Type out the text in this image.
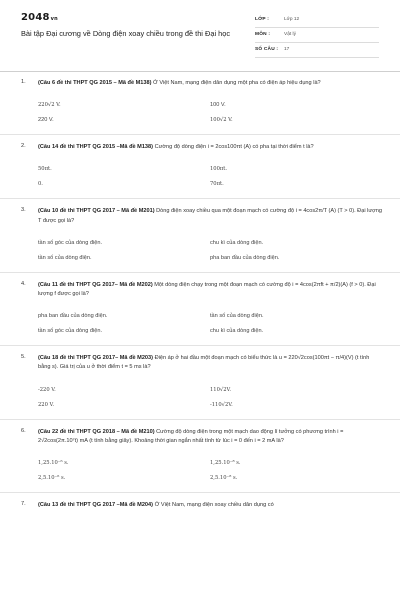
2048vn
Bài tập Đại cương về Dòng điện xoay chiều trong đề thi Đại học
LỚP :	Lớp 12
MÔN :	Vật lý
SỐ CÂU : 17
1. (Câu 6 đề thi THPT QG 2015 – Mã đề M138) Ở Việt Nam, mạng điện dân dụng một pha có điện áp hiệu dụng là?
220√2 V.	100 V.
220 V.	100√2 V.
2. (Câu 14 đề thi THPT QG 2015 –Mã đề M138) Cường độ dòng điện i = 2cos100πt (A) có pha tại thời điểm t là?
50πt.	100πt.
0.	70πt.
3. (Câu 10 đề thi THPT QG 2017 – Mã đề M201) Dòng điện xoay chiều qua một đoạn mạch có cường độ i = 4cos2π/T (A) (T > 0). Đại lượng T được gọi là?
tần số góc của dòng điện.	chu kì của dòng điện.
tần số của dòng điện.	pha ban đầu của dòng điện.
4. (Câu 11 đề thi THPT QG 2017– Mã đề M202) Một dòng điện chạy trong một đoạn mạch có cường độ i = 4cos(2πft + π/2)(A) (f > 0). Đại lượng f được gọi là?
pha ban đầu của dòng điện.	tần số của dòng điện.
tần số góc của dòng điện.	chu kì của dòng điện.
5. (Câu 18 đề thi THPT QG 2017– Mã đề M203) Điện áp ở hai đầu một đoạn mạch có biểu thức là u = 220√2cos(100πt − π/4)(V) (t tính bằng s). Giá trị của u ở thời điểm t = 5 ms là?
-220 V.	110√2V.
220 V.	-110√2V.
6. (Câu 22 đề thi THPT QG 2018 – Mã đề M210) Cường độ dòng điện trong một mạch dao động lí tưởng có phương trình i = 2√2cos(2π.10⁷t) mA (t tính bằng giây). Khoảng thời gian ngắn nhất tính từ lúc i = 0 đến i = 2 mA là?
1,25.10⁻⁶ s.	1,25.10⁻⁸ s.
2,5.10⁻⁶ s.	2,5.10⁻⁸ s.
7. (Câu 13 đề thi THPT QG 2017 –Mã đề M204) Ở Việt Nam, mạng điện xoay chiều dân dụng có
